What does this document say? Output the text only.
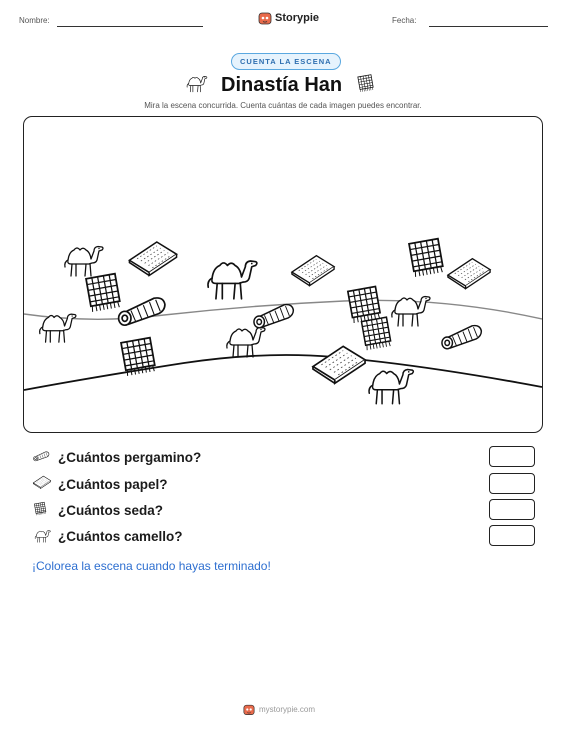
Nombre:	Storypie	Fecha:
CUENTA LA ESCENA
Dinastía Han
Mira la escena concurrida. Cuenta cuántas de cada imagen puedes encontrar.
¿Cuántos pergamino?
¿Cuántos papel?
¿Cuántos seda?
¿Cuántos camello?
¡Colorea la escena cuando hayas terminado!
mystorypie.com
